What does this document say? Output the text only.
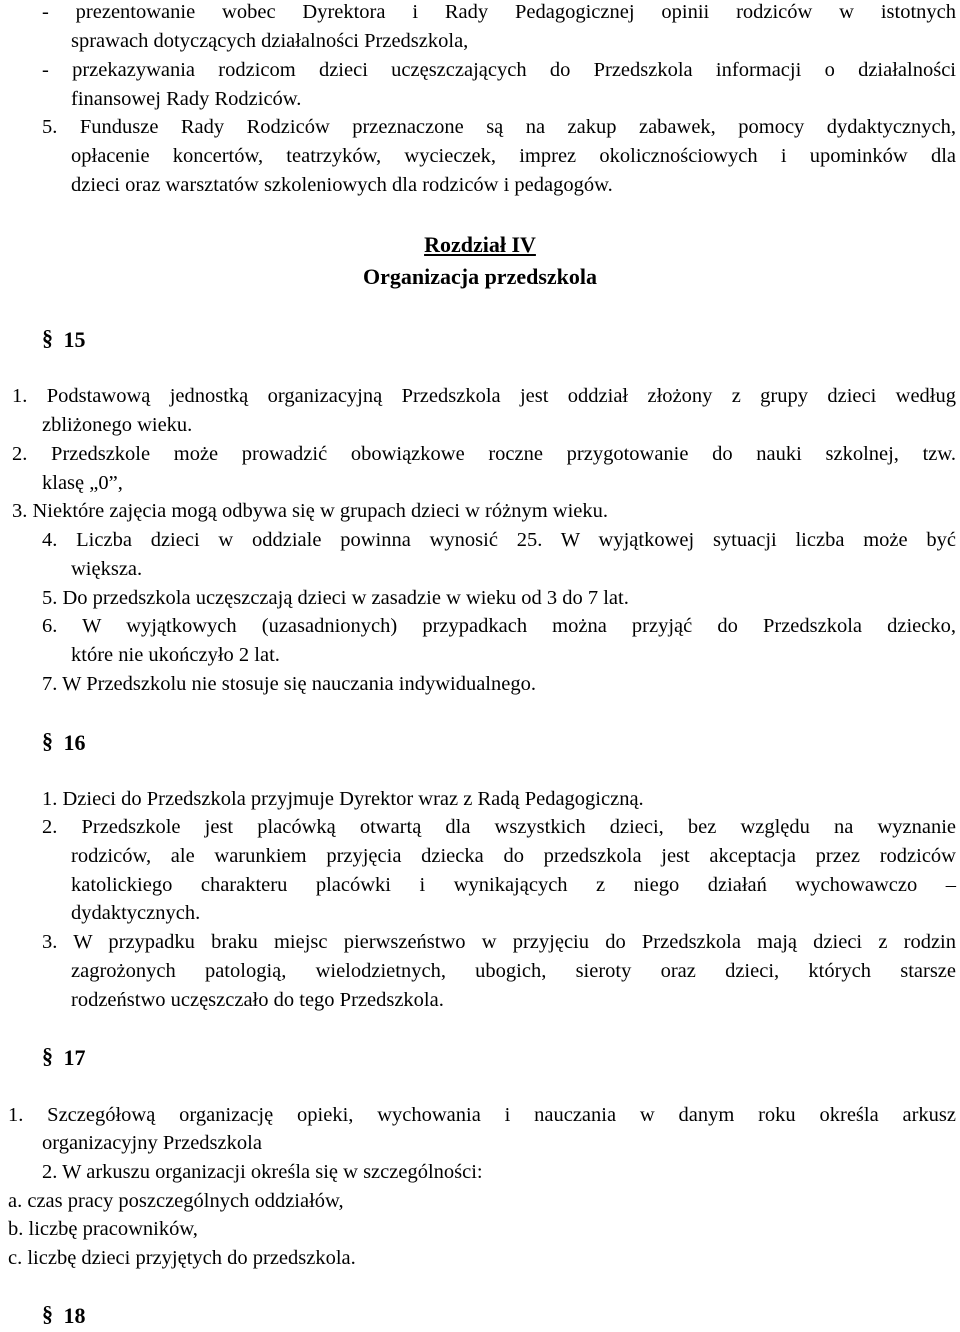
- prezentowanie wobec Dyrektora i Rady Pedagogicznej opinii rodziców w istotnych
sprawach dotyczących działalności Przedszkola,
- przekazywania rodzicom dzieci uczęszczających do Przedszkola informacji o działalności
finansowej Rady Rodziców.
5. Fundusze Rady Rodziców przeznaczone są na zakup zabawek, pomocy dydaktycznych,
opłacenie koncertów, teatrzyków, wycieczek, imprez okolicznościowych i upominków dla
dzieci oraz warsztatów szkoleniowych dla rodziców i pedagogów.
Rozdział IV
Organizacja przedszkola
§ 15
1. Podstawową jednostką organizacyjną Przedszkola jest oddział złożony z grupy dzieci według
zbliżonego wieku.
2. Przedszkole może prowadzić obowiązkowe roczne przygotowanie do nauki szkolnej, tzw.
klasę „0”,
3. Niektóre zajęcia mogą odbywa się w grupach dzieci w różnym wieku.
4. Liczba dzieci w oddziale powinna wynosić 25. W wyjątkowej sytuacji liczba może być
większa.
5. Do przedszkola uczęszczają dzieci w zasadzie w wieku od 3 do 7 lat.
6. W wyjątkowych (uzasadnionych) przypadkach można przyjąć do Przedszkola dziecko,
które nie ukończyło 2 lat.
7. W Przedszkolu nie stosuje się nauczania indywidualnego.
§ 16
1. Dzieci do Przedszkola przyjmuje Dyrektor wraz z Radą Pedagogiczną.
2. Przedszkole jest placówką otwartą dla wszystkich dzieci, bez względu na wyznanie
rodziców, ale warunkiem przyjęcia dziecka do przedszkola jest akceptacja przez rodziców
katolickiego charakteru placówki i wynikających z niego działań wychowawczo –
dydaktycznych.
3. W przypadku braku miejsc pierwszeństwo w przyjęciu do Przedszkola mają dzieci z rodzin
zagrożonych patologią, wielodzietnych, ubogich, sieroty oraz dzieci, których starsze
rodzeństwo uczęszczało do tego Przedszkola.
§ 17
1. Szczegółową organizację opieki, wychowania i nauczania w danym roku określa arkusz
organizacyjny Przedszkola
2. W arkuszu organizacji określa się w szczególności:
a. czas pracy poszczególnych oddziałów,
b. liczbę pracowników,
c. liczbę dzieci przyjętych do przedszkola.
§ 18
